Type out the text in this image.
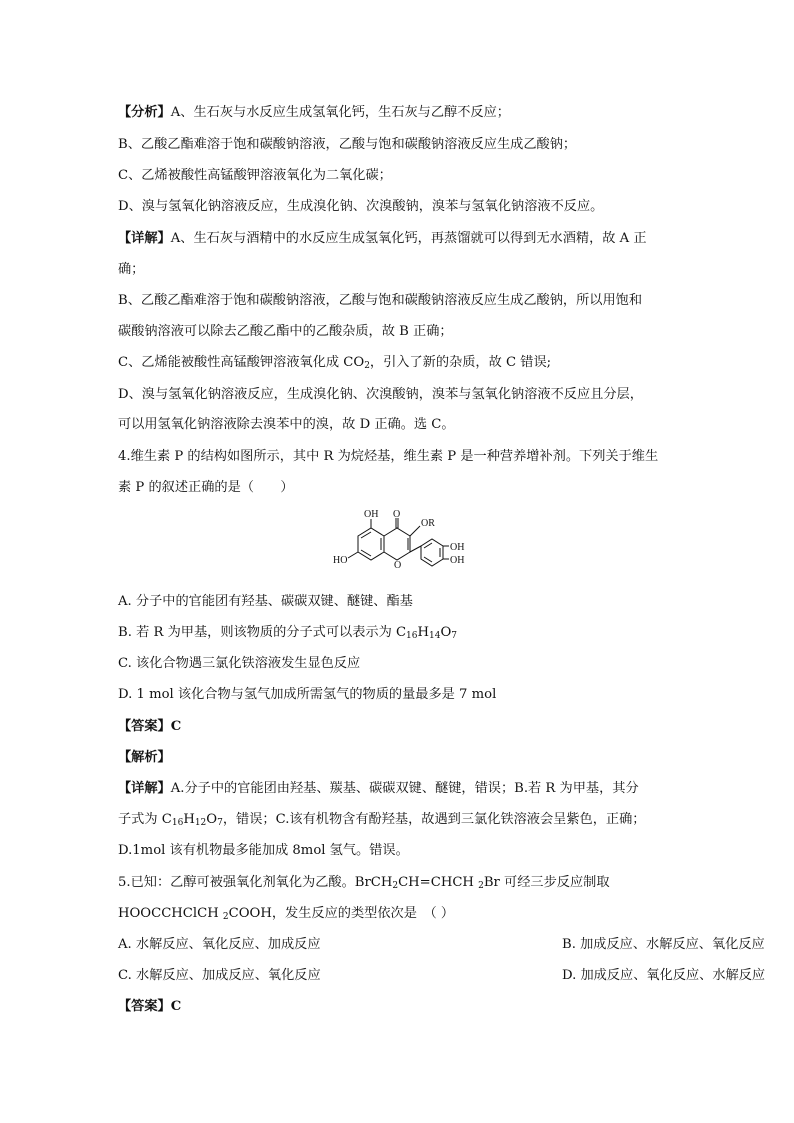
【分析】A、生石灰与水反应生成氢氧化钙，生石灰与乙醇不反应；
B、乙酸乙酯难溶于饱和碳酸钠溶液，乙酸与饱和碳酸钠溶液反应生成乙酸钠；
C、乙烯被酸性高锰酸钾溶液氧化为二氧化碳；
D、溴与氢氧化钠溶液反应，生成溴化钠、次溴酸钠，溴苯与氢氧化钠溶液不反应。
【详解】A、生石灰与酒精中的水反应生成氢氧化钙，再蒸馏就可以得到无水酒精，故 A 正
确；
B、乙酸乙酯难溶于饱和碳酸钠溶液，乙酸与饱和碳酸钠溶液反应生成乙酸钠，所以用饱和
碳酸钠溶液可以除去乙酸乙酯中的乙酸杂质，故 B 正确；
C、乙烯能被酸性高锰酸钾溶液氧化成 $CO_2$，引入了新的杂质，故 C 错误;
D、溴与氢氧化钠溶液反应，生成溴化钠、次溴酸钠，溴苯与氢氧化钠溶液不反应且分层，
可以用氢氧化钠溶液除去溴苯中的溴，故 D 正确。选 C。
4.维生素 P 的结构如图所示，其中 R 为烷烃基，维生素 P 是一种营养增补剂。下列关于维生
素 P 的叙述正确的是（　　）
OH O
OR
HO	O
OH
OH
A. 分子中的官能团有羟基、碳碳双键、醚键、酯基
B. 若 R 为甲基，则该物质的分子式可以表示为 $C_{16}H_{14}O_7$
C. 该化合物遇三氯化铁溶液发生显色反应
D. 1 mol 该化合物与氢气加成所需氢气的物质的量最多是 7 mol
【答案】C
【解析】
【详解】A.分子中的官能团由羟基、羰基、碳碳双键、醚键，错误；B.若 R 为甲基，其分
子式为 $C_{16}H_{12}O_7$，错误；C.该有机物含有酚羟基，故遇到三氯化铁溶液会呈紫色，正确；
D.1mol 该有机物最多能加成 8mol 氢气。错误。
5.已知：乙醇可被强氧化剂氧化为乙酸。BrCH$_2$CH=CHCH $_2$Br 可经三步反应制取
HOOCCHClCH $_2$COOH，发生反应的类型依次是　（ ）
A. 水解反应、氧化反应、加成反应	B. 加成反应、水解反应、氧化反应
C. 水解反应、加成反应、氧化反应	D. 加成反应、氧化反应、水解反应
【答案】C
